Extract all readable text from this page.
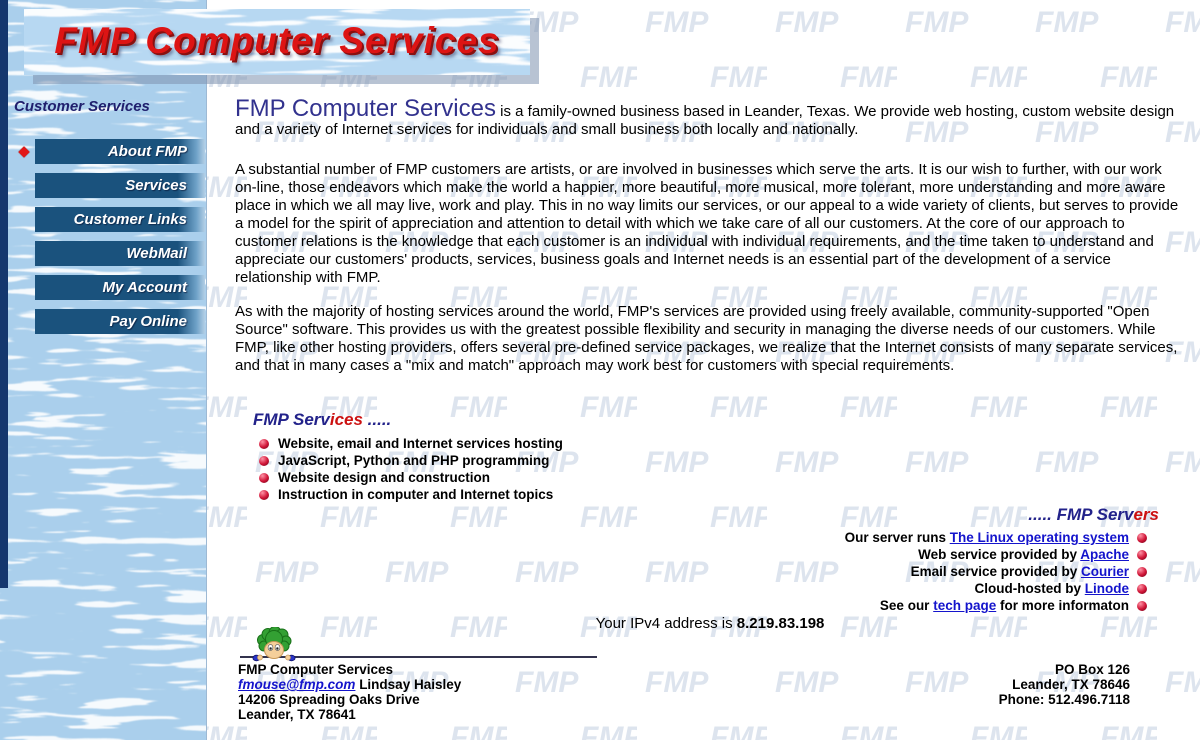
FMP Computer Services
Customer Services
About FMP
Services
Customer Links
WebMail
My Account
Pay Online
FMP Computer Services is a family-owned business based in Leander, Texas. We provide web hosting, custom website design and a variety of Internet services for individuals and small business both locally and nationally.
A substantial number of FMP customers are artists, or are involved in businesses which serve the arts. It is our wish to further, with our work on-line, those endeavors which make the world a happier, more beautiful, more musical, more tolerant, more understanding and more aware place in which we all may live, work and play. This in no way limits our services, or our appeal to a wide variety of clients, but serves to provide a model for the spirit of appreciation and attention to detail with which we take care of all our customers. At the core of our approach to customer relations is the knowledge that each customer is an individual with individual requirements, and the time taken to understand and appreciate our customers' products, services, business goals and Internet needs is an essential part of the development of a service relationship with FMP.
As with the majority of hosting services around the world, FMP's services are provided using freely available, community-supported "Open Source" software. This provides us with the greatest possible flexibility and security in managing the diverse needs of our customers. While FMP, like other hosting providers, offers several pre-defined service packages, we realize that the Internet consists of many separate services, and that in many cases a "mix and match" approach may work best for customers with special requirements.
FMP Services .....
Website, email and Internet services hosting
JavaScript, Python and PHP programming
Website design and construction
Instruction in computer and Internet topics
..... FMP Servers
Our server runs The Linux operating system
Web service provided by Apache
Email service provided by Courier
Cloud-hosted by Linode
See our tech page for more informaton
Your IPv4 address is 8.219.83.198
FMP Computer Services
fmouse@fmp.com Lindsay Haisley
14206 Spreading Oaks Drive
Leander, TX 78641
PO Box 126
Leander, TX 78646
Phone: 512.496.7118
